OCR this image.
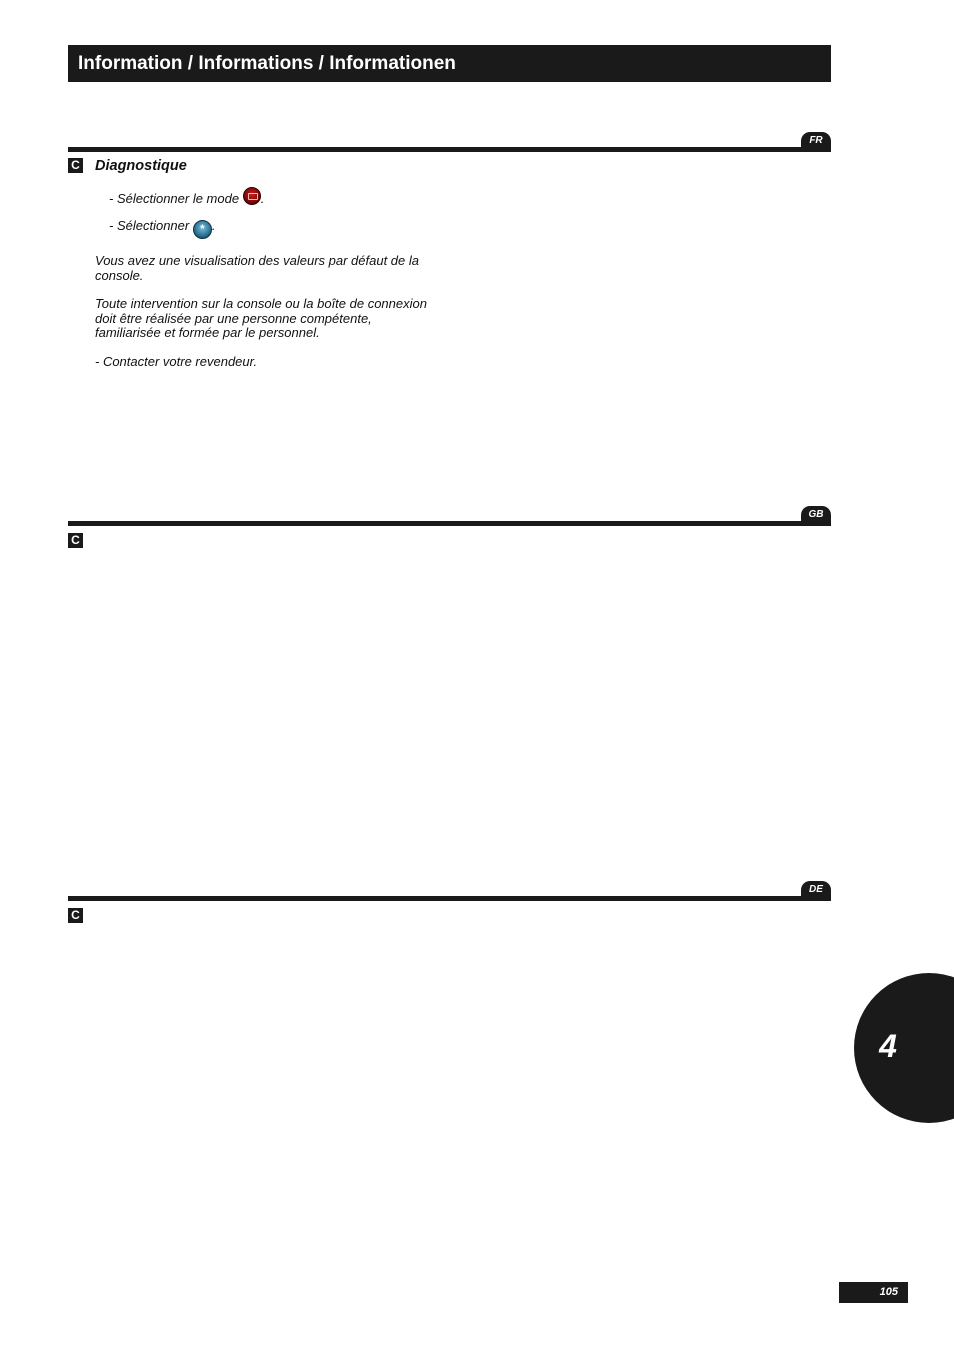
Information / Informations / Informationen
FR
C Diagnostique
- Sélectionner le mode .
- Sélectionner * .
Vous avez une visualisation des valeurs par défaut de la console.
Toute intervention sur la console ou la boîte de connexion doit être réalisée par une personne compétente, familiarisée et formée par le personnel.
- Contacter votre revendeur.
GB
C
DE
C
4
105
